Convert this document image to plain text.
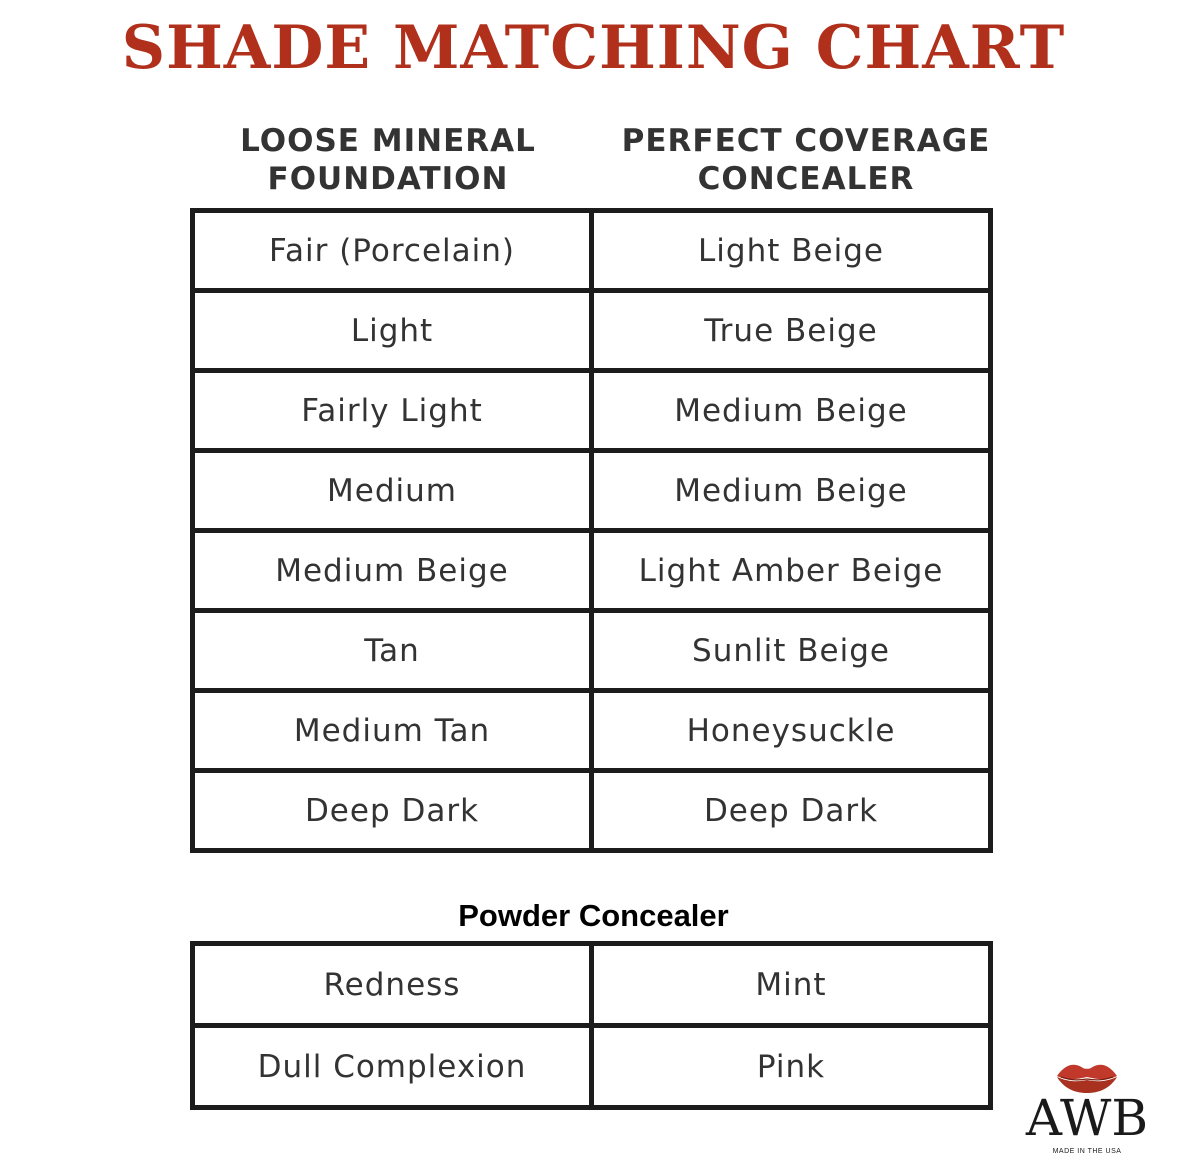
SHADE MATCHING CHART
LOOSE MINERAL
FOUNDATION
PERFECT COVERAGE
CONCEALER
Fair (Porcelain)	Light Beige
Light	True Beige
Fairly Light	Medium Beige
Medium	Medium Beige
Medium Beige	Light Amber Beige
Tan	Sunlit Beige
Medium Tan	Honeysuckle
Deep Dark	Deep Dark
Powder Concealer
Redness	Mint
Dull Complexion	Pink
AWB
MADE IN THE USA
